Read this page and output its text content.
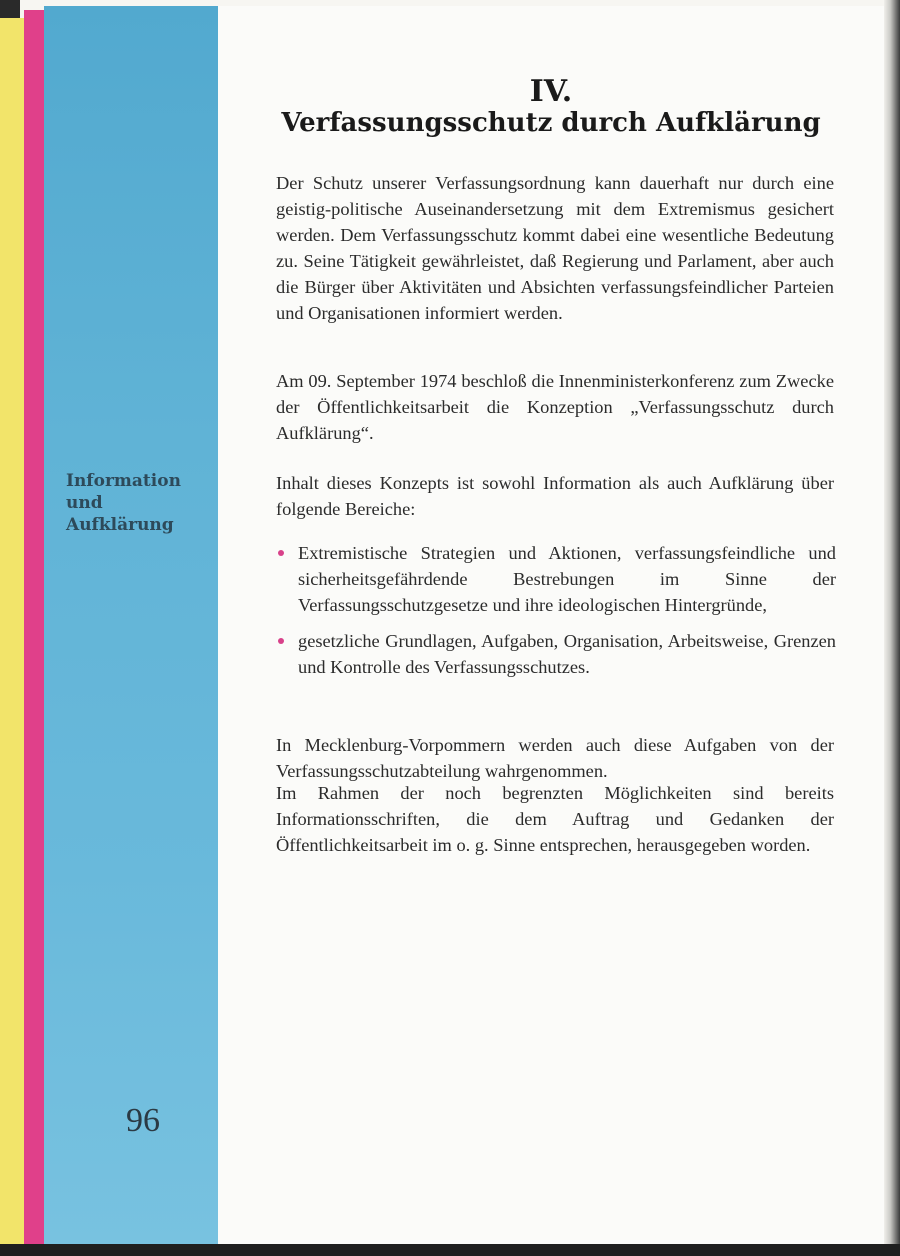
IV.
Verfassungsschutz durch Aufklärung

Der Schutz unserer Verfassungsordnung kann dauerhaft nur durch eine geistig-politische Auseinandersetzung mit dem Extremismus gesichert werden. Dem Verfassungsschutz kommt dabei eine wesentliche Bedeutung zu. Seine Tätigkeit gewährleistet, daß Regierung und Parlament, aber auch die Bürger über Aktivitäten und Absichten verfassungsfeindlicher Parteien und Organisationen informiert werden.

Am 09. September 1974 beschloß die Innenministerkonferenz zum Zwecke der Öffentlichkeitsarbeit die Konzeption „Verfassungsschutz durch Aufklärung“.

Inhalt dieses Konzepts ist sowohl Information als auch Aufklärung über folgende Bereiche:

Extremistische Strategien und Aktionen, verfassungsfeindliche und sicherheitsgefährdende Bestrebungen im Sinne der Verfassungsschutzgesetze und ihre ideologischen Hintergründe,
gesetzliche Grundlagen, Aufgaben, Organisation, Arbeitsweise, Grenzen und Kontrolle des Verfassungsschutzes.

In Mecklenburg-Vorpommern werden auch diese Aufgaben von der Verfassungsschutzabteilung wahrgenommen.

Im Rahmen der noch begrenzten Möglichkeiten sind bereits Informationsschriften, die dem Auftrag und Gedanken der Öffentlichkeitsarbeit im o. g. Sinne entsprechen, herausgegeben worden.

Information und Aufklärung
96
